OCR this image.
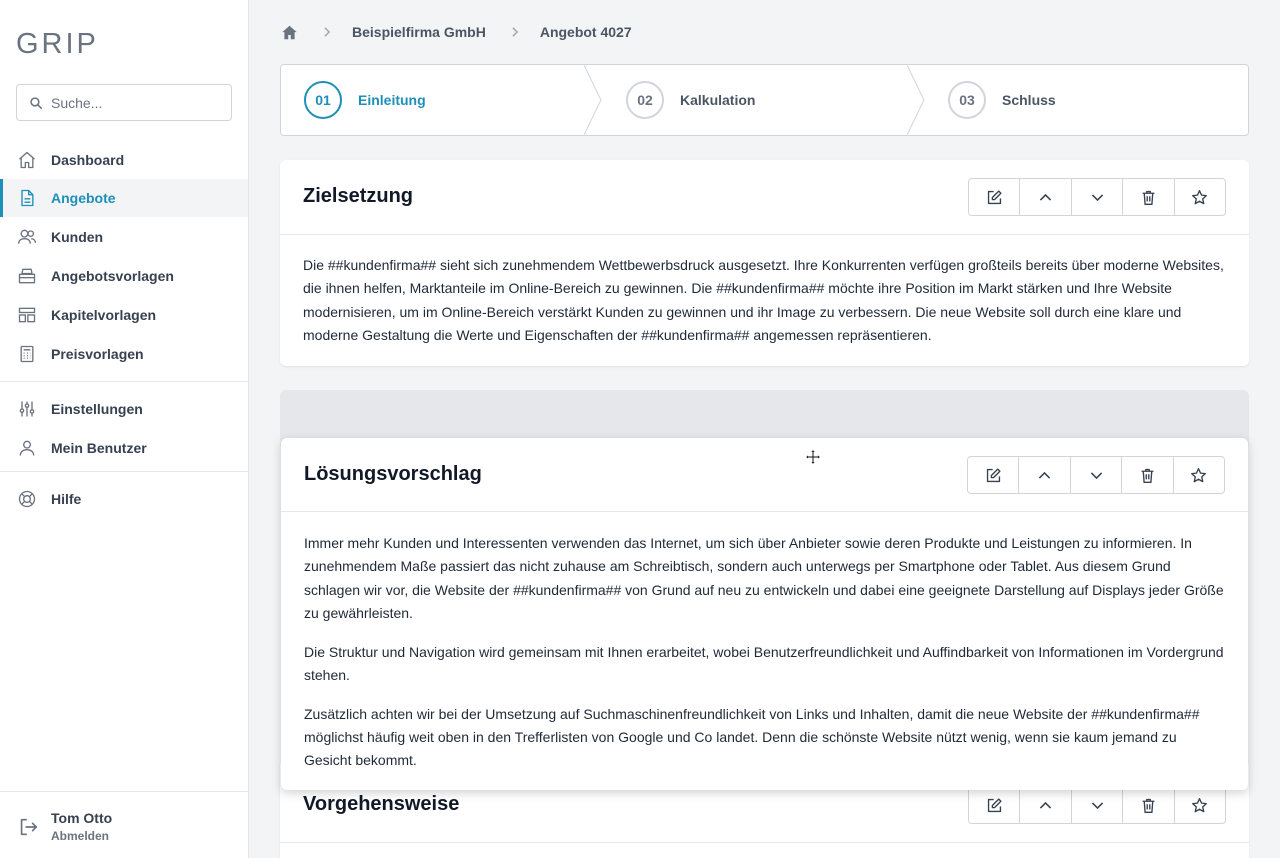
GRIP
Suche...
Dashboard
Angebote
Kunden
Angebotsvorlagen
Kapitelvorlagen
Preisvorlagen
Einstellungen
Mein Benutzer
Hilfe
Tom Otto
Abmelden
Beispielfirma GmbH	Angebot 4027
01	Einleitung	02	Kalkulation	03	Schluss
Zielsetzung

Die ##kundenfirma## sieht sich zunehmendem Wettbewerbsdruck ausgesetzt. Ihre Konkurrenten verfügen großteils bereits über moderne Websites, die ihnen helfen, Marktanteile im Online-Bereich zu gewinnen. Die ##kundenfirma## möchte ihre Position im Markt stärken und Ihre Website modernisieren, um im Online-Bereich verstärkt Kunden zu gewinnen und ihr Image zu verbessern. Die neue Website soll durch eine klare und moderne Gestaltung die Werte und Eigenschaften der ##kundenfirma## angemessen repräsentieren.

Vorgehensweise
Lösungsvorschlag

Immer mehr Kunden und Interessenten verwenden das Internet, um sich über Anbieter sowie deren Produkte und Leistungen zu informieren. In zunehmendem Maße passiert das nicht zuhause am Schreibtisch, sondern auch unterwegs per Smartphone oder Tablet. Aus diesem Grund schlagen wir vor, die Website der ##kundenfirma## von Grund auf neu zu entwickeln und dabei eine geeignete Darstellung auf Displays jeder Größe zu gewährleisten.

Die Struktur und Navigation wird gemeinsam mit Ihnen erarbeitet, wobei Benutzerfreundlichkeit und Auffindbarkeit von Informationen im Vordergrund stehen.

Zusätzlich achten wir bei der Umsetzung auf Suchmaschinenfreundlichkeit von Links und Inhalten, damit die neue Website der ##kundenfirma## möglichst häufig weit oben in den Trefferlisten von Google und Co landet. Denn die schönste Website nützt wenig, wenn sie kaum jemand zu Gesicht bekommt.
